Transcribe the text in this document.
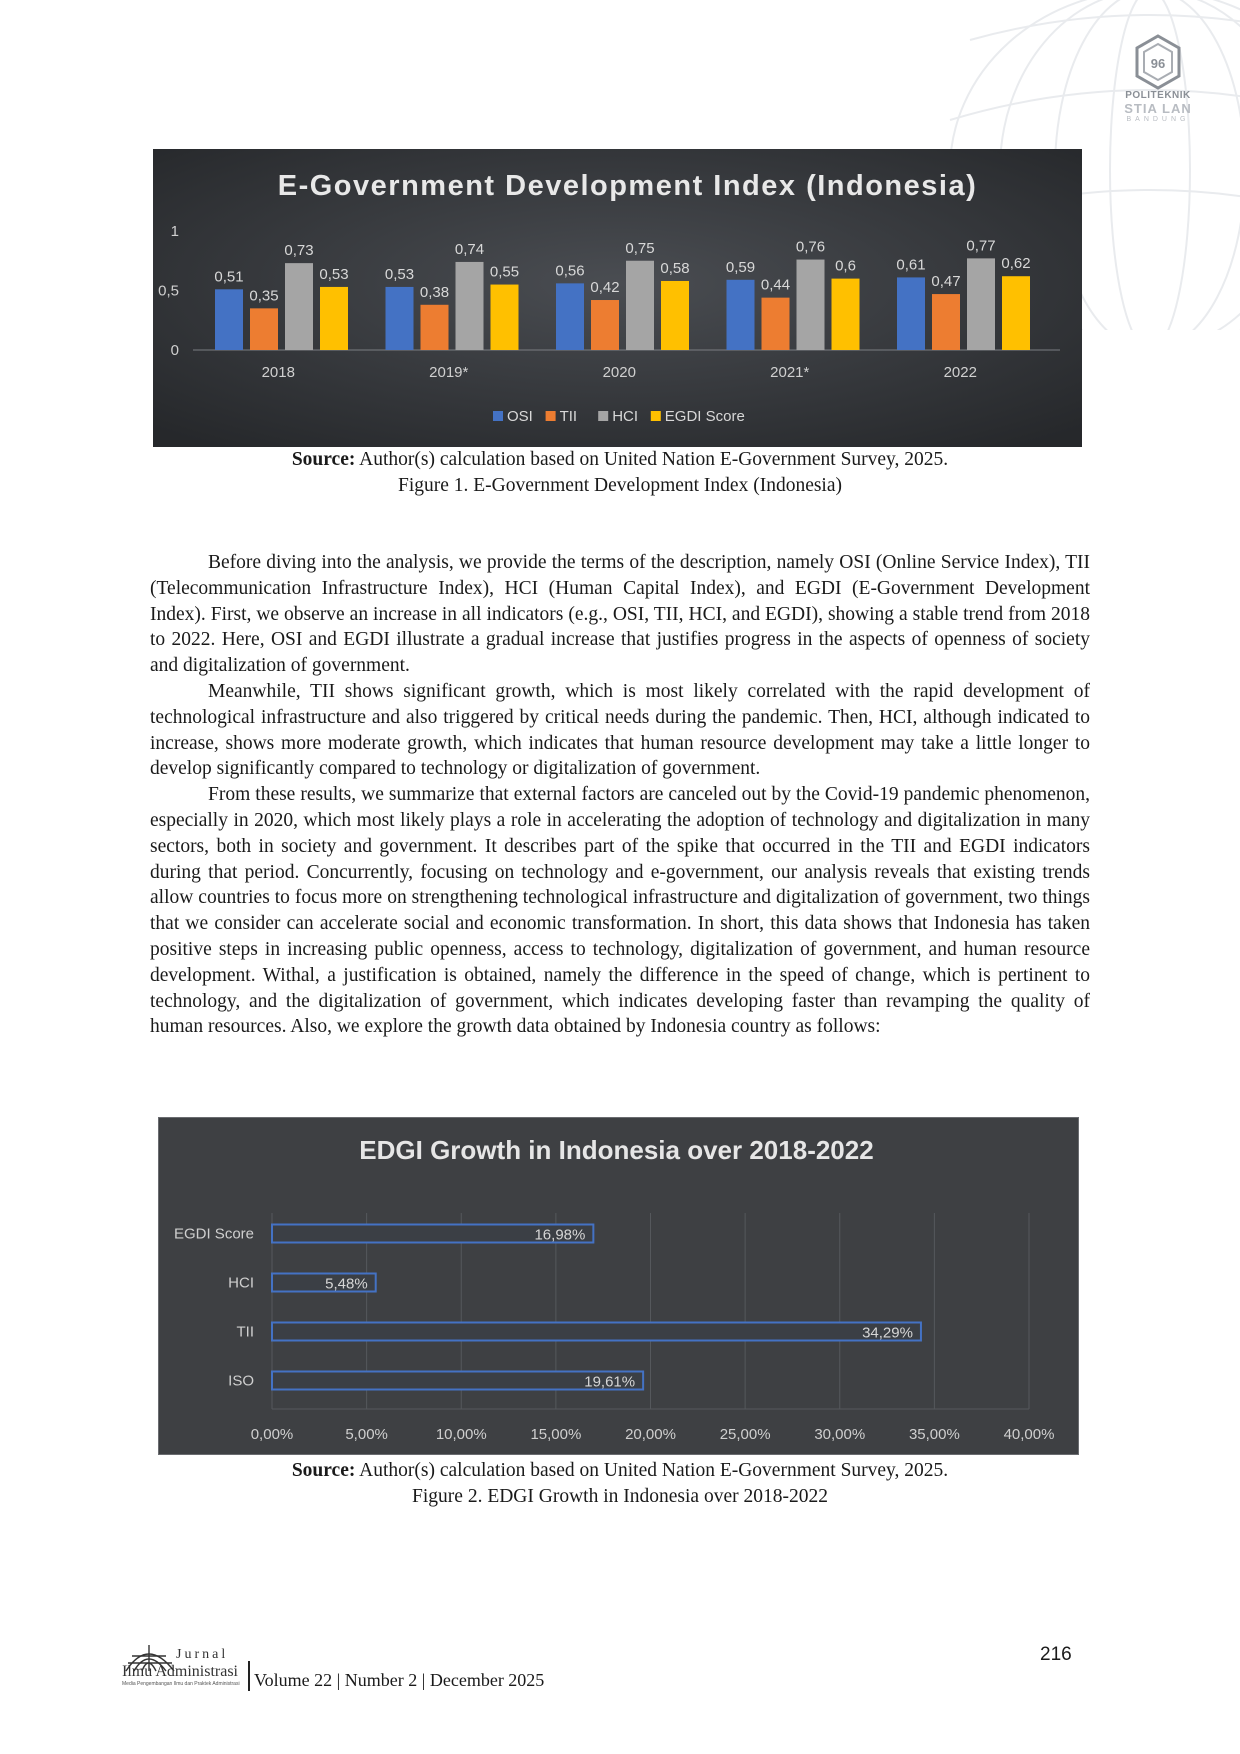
96
POLITEKNIK
STIA LAN
BANDUNG
E-Government Development Index (Indonesia)
0
0,5
1
2018
0,51
0,35
0,73
0,53
2019*
0,53
0,38
0,74
0,55
2020
0,56
0,42
0,75
0,58
2021*
0,59
0,44
0,76
0,6
2022
0,61
0,47
0,77
0,62
OSI TII HCI EGDI Score
Source: Author(s) calculation based on United Nation E-Government Survey, 2025.
Figure 1. E-Government Development Index (Indonesia)

Before diving into the analysis, we provide the terms of the description, namely OSI (Online Service Index), TII (Telecommunication Infrastructure Index), HCI (Human Capital Index), and EGDI (E-Government Development Index). First, we observe an increase in all indicators (e.g., OSI, TII, HCI, and EGDI), showing a stable trend from 2018 to 2022. Here, OSI and EGDI illustrate a gradual increase that justifies progress in the aspects of openness of society and digitalization of government.

Meanwhile, TII shows significant growth, which is most likely correlated with the rapid development of technological infrastructure and also triggered by critical needs during the pandemic. Then, HCI, although indicated to increase, shows more moderate growth, which indicates that human resource development may take a little longer to develop significantly compared to technology or digitalization of government.

From these results, we summarize that external factors are canceled out by the Covid-19 pandemic phenomenon, especially in 2020, which most likely plays a role in accelerating the adoption of technology and digitalization in many sectors, both in society and government. It describes part of the spike that occurred in the TII and EGDI indicators during that period. Concurrently, focusing on technology and e-government, our analysis reveals that existing trends allow countries to focus more on strengthening technological infrastructure and digitalization of government, two things that we consider can accelerate social and economic transformation. In short, this data shows that Indonesia has taken positive steps in increasing public openness, access to technology, digitalization of government, and human resource development. Withal, a justification is obtained, namely the difference in the speed of change, which is pertinent to technology, and the digitalization of government, which indicates developing faster than revamping the quality of human resources. Also, we explore the growth data obtained by Indonesia country as follows:

EDGI Growth in Indonesia over 2018-2022
0,00%	5,00%	10,00%	15,00%	20,00%	25,00%	30,00%	35,00%	40,00%
EGDI Score	16,98%
HCI	5,48%
TII	34,29%
ISO	19,61%
Source: Author(s) calculation based on United Nation E-Government Survey, 2025.
Figure 2. EDGI Growth in Indonesia over 2018-2022
Jurnal
Ilmu Administrasi
Media Pengembangan Ilmu dan Praktek Administrasi Volume 22 | Number 2 | December 2025
216
